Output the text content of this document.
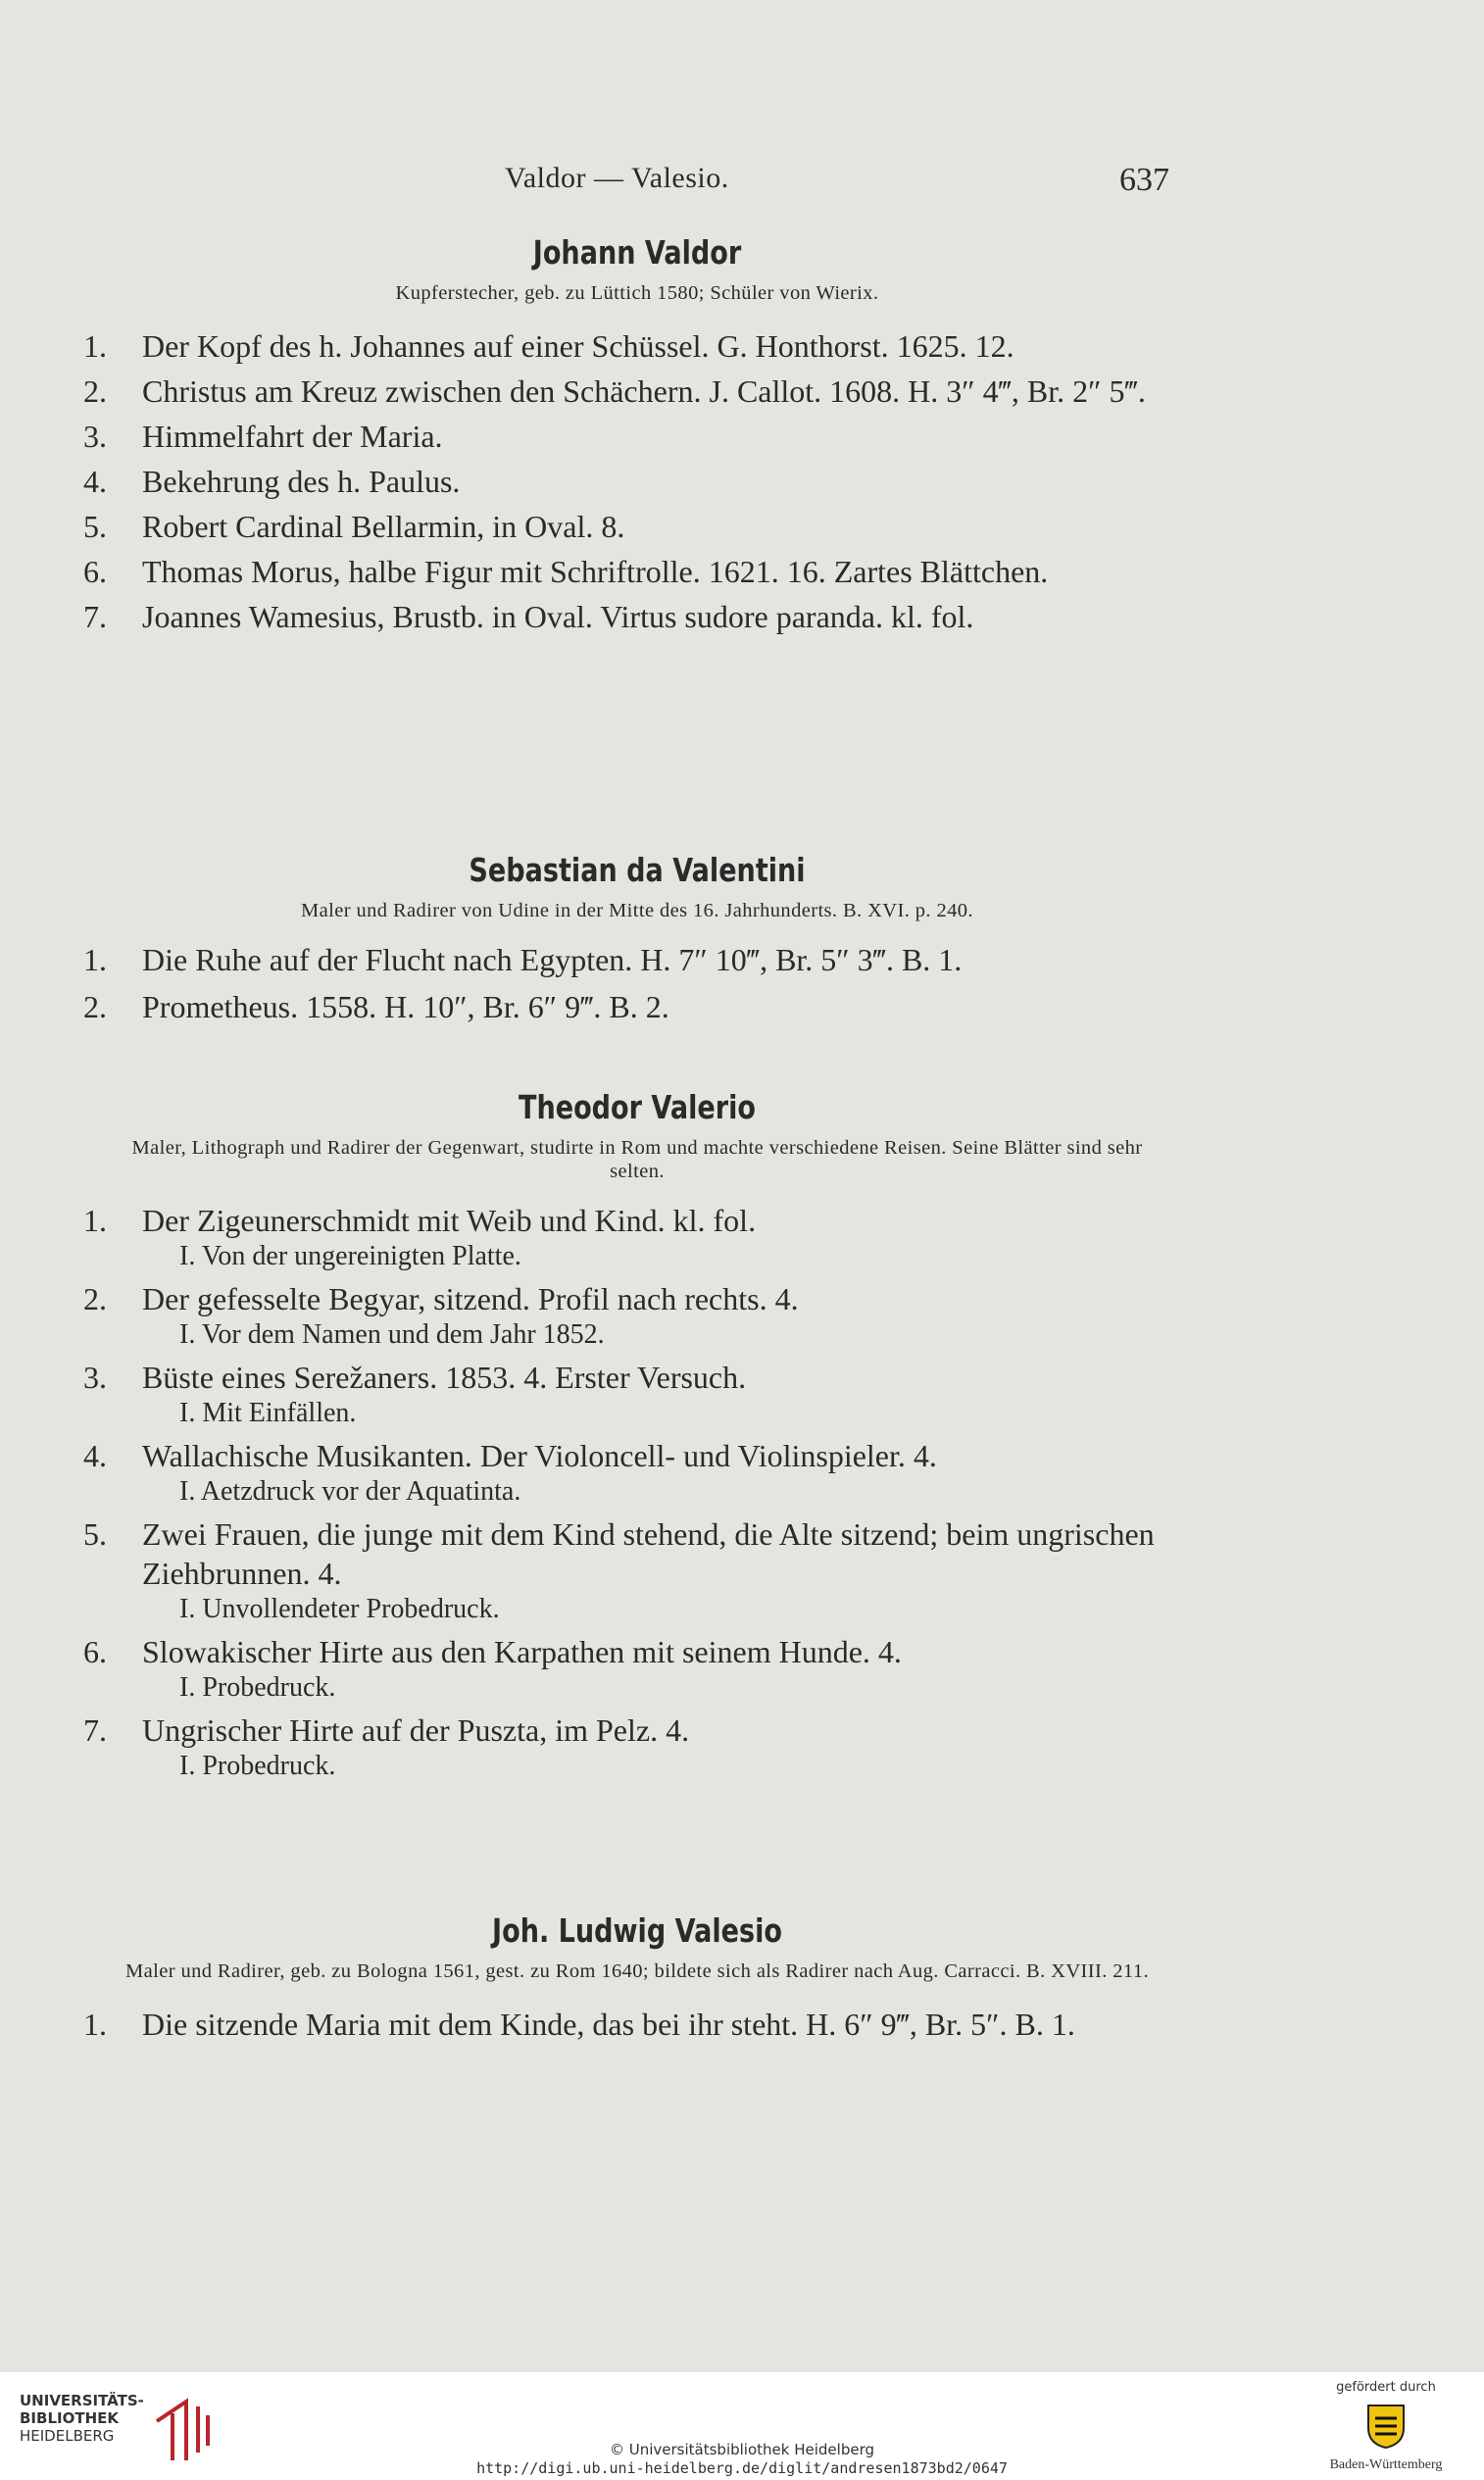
Valdor — Valesio.	637
Johann Valdor
Kupferstecher, geb. zu Lüttich 1580; Schüler von Wierix.
1.	Der Kopf des h. Johannes auf einer Schüssel. G. Honthorst. 1625. 12.
2.	Christus am Kreuz zwischen den Schächern. J. Callot. 1608. H. 3″ 4‴, Br. 2″ 5‴.
3.	Himmelfahrt der Maria.
4.	Bekehrung des h. Paulus.
5.	Robert Cardinal Bellarmin, in Oval. 8.
6.	Thomas Morus, halbe Figur mit Schriftrolle. 1621. 16. Zartes Blättchen.
7.	Joannes Wamesius, Brustb. in Oval. Virtus sudore paranda. kl. fol.
Sebastian da Valentini
Maler und Radirer von Udine in der Mitte des 16. Jahrhunderts. B. XVI. p. 240.
1.	Die Ruhe auf der Flucht nach Egypten. H. 7″ 10‴, Br. 5″ 3‴. B. 1.
2.	Prometheus. 1558. H. 10″, Br. 6″ 9‴. B. 2.
Theodor Valerio
Maler, Lithograph und Radirer der Gegenwart, studirte in Rom und machte verschiedene Reisen. Seine Blätter sind sehr selten.
1.	Der Zigeunerschmidt mit Weib und Kind. kl. fol.
I. Von der ungereinigten Platte.
2.	Der gefesselte Begyar, sitzend. Profil nach rechts. 4.
I. Vor dem Namen und dem Jahr 1852.
3.	Büste eines Serežaners. 1853. 4. Erster Versuch.
I. Mit Einfällen.
4.	Wallachische Musikanten. Der Violoncell- und Violinspieler. 4.
I. Aetzdruck vor der Aquatinta.
5.	Zwei Frauen, die junge mit dem Kind stehend, die Alte sitzend; beim ungrischen Ziehbrunnen. 4.
I. Unvollendeter Probedruck.
6.	Slowakischer Hirte aus den Karpathen mit seinem Hunde. 4.
I. Probedruck.
7.	Ungrischer Hirte auf der Puszta, im Pelz. 4.
I. Probedruck.
Joh. Ludwig Valesio
Maler und Radirer, geb. zu Bologna 1561, gest. zu Rom 1640; bildete sich als Radirer nach Aug. Carracci. B. XVIII. 211.
1.	Die sitzende Maria mit dem Kinde, das bei ihr steht. H. 6″ 9‴, Br. 5″. B. 1.
UNIVERSITÄTS-
BIBLIOTHEK
HEIDELBERG
© Universitätsbibliothek Heidelberg
http://digi.ub.uni-heidelberg.de/diglit/andresen1873bd2/0647
gefördert durch
Baden-Württemberg
